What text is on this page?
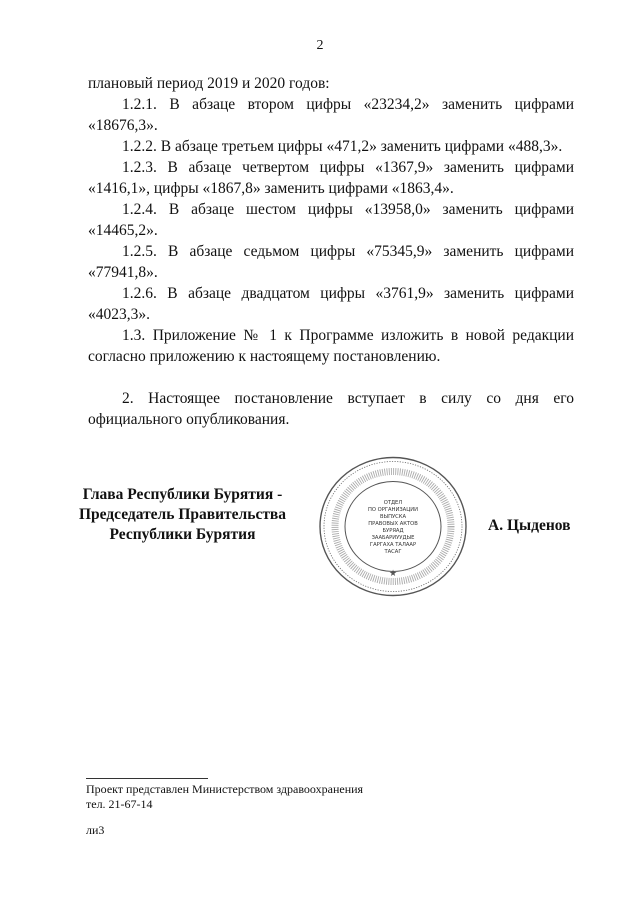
2

плановый период 2019 и 2020 годов:

1.2.1. В абзаце втором цифры «23234,2» заменить цифрами «18676,3».

1.2.2. В абзаце третьем цифры «471,2» заменить цифрами «488,3».

1.2.3. В абзаце четвертом цифры «1367,9» заменить цифрами «1416,1», цифры «1867,8» заменить цифрами «1863,4».

1.2.4. В абзаце шестом цифры «13958,0» заменить цифрами «14465,2».

1.2.5. В абзаце седьмом цифры «75345,9» заменить цифрами «77941,8».

1.2.6. В абзаце двадцатом цифры «3761,9» заменить цифрами «4023,3».

1.3. Приложение № 1 к Программе изложить в новой редакции согласно приложению к настоящему постановлению.

2. Настоящее постановление вступает в силу со дня его официального опубликования.

Глава Республики Бурятия -
Председатель Правительства
Республики Бурятия
★
ОТДЕЛ
ПО ОРГАНИЗАЦИИ
ВЫПУСКА
ПРАВОВЫХ АКТОВ
БУРЯАД
ЗААБАРИУУДЫЕ
ГАРГАХА ТАЛААР
ТАСАГ
А. Цыденов
Проект представлен Министерством здравоохранения
тел. 21-67-14
ли3
